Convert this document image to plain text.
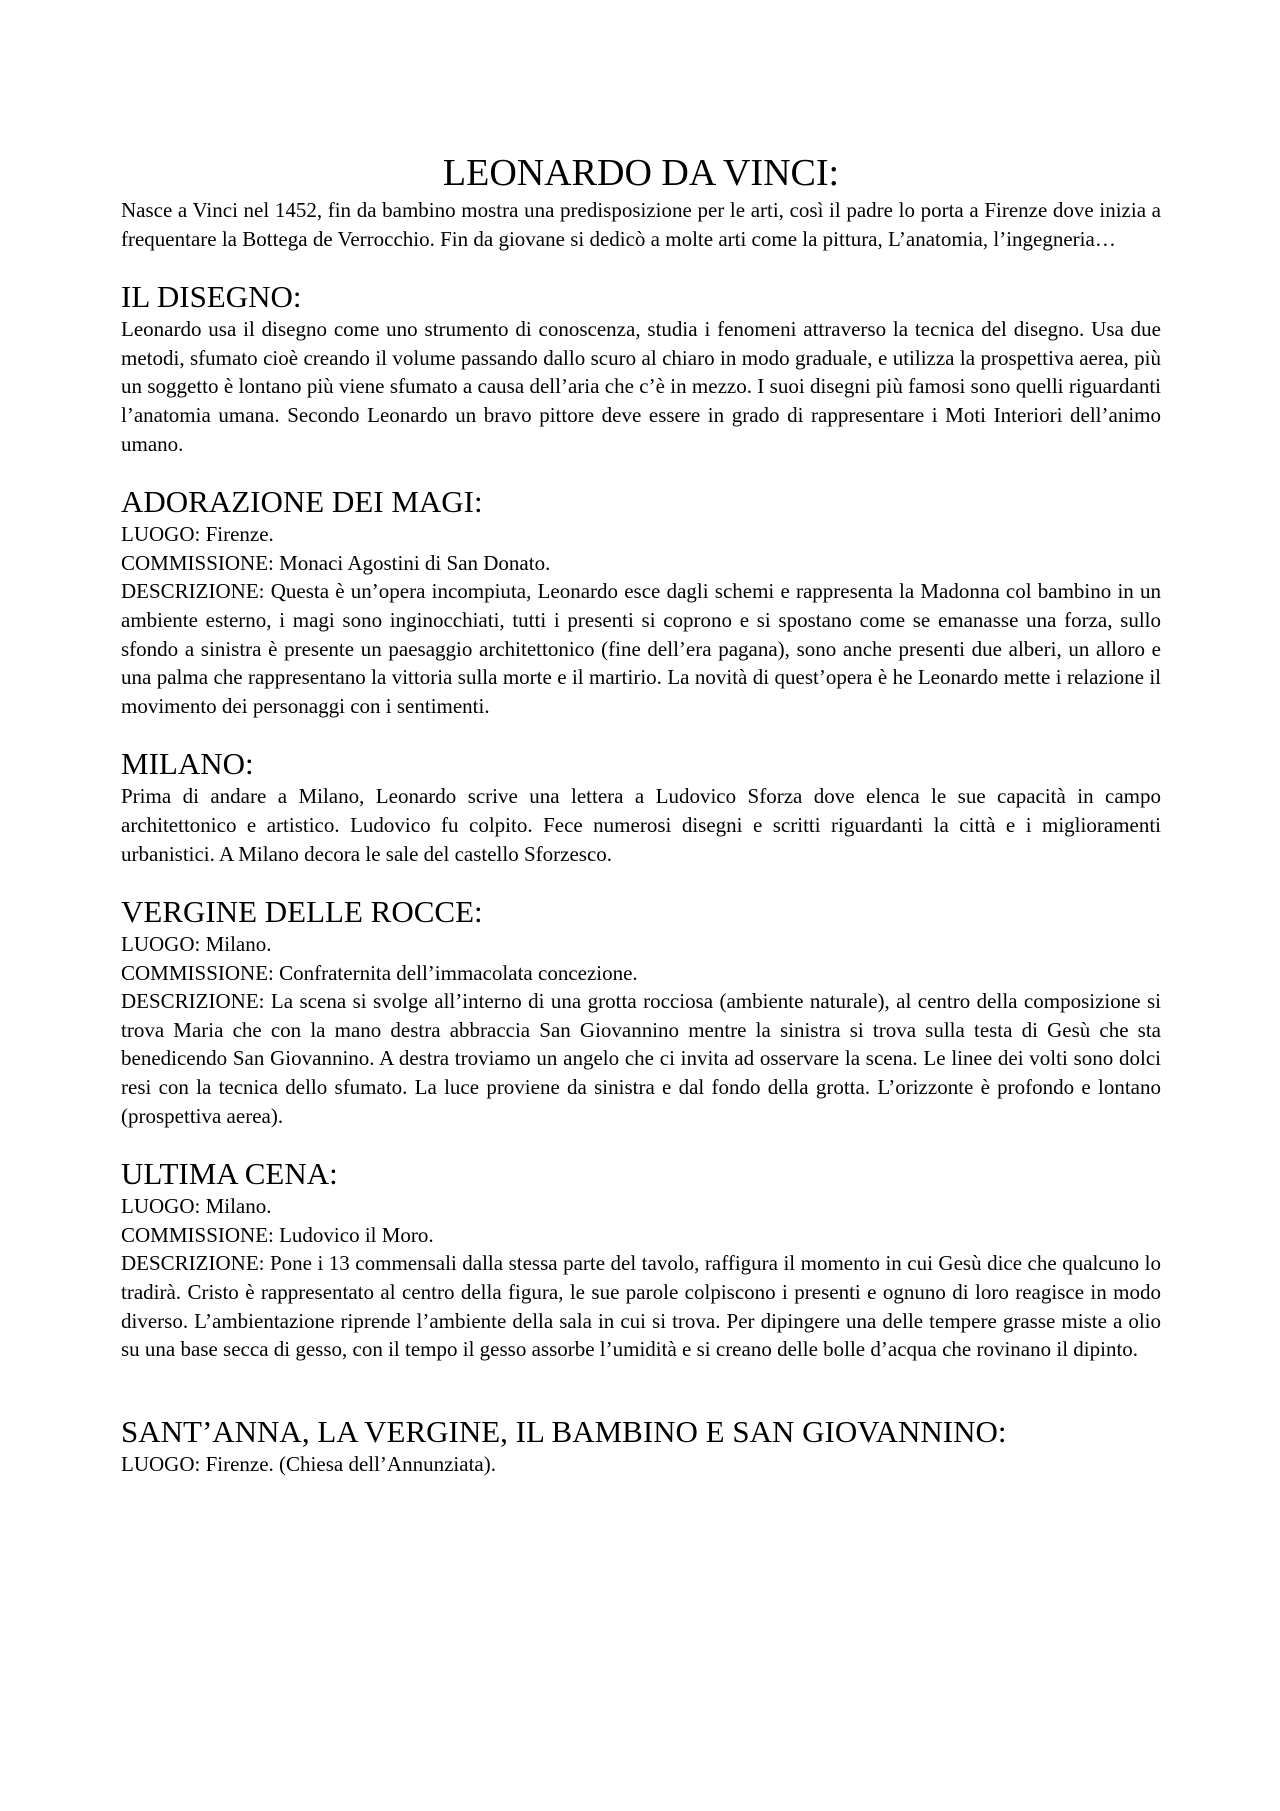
LEONARDO DA VINCI:

Nasce a Vinci nel 1452, fin da bambino mostra una predisposizione per le arti, così il padre lo porta a Firenze dove inizia a frequentare la Bottega de Verrocchio. Fin da giovane si dedicò a molte arti come la pittura, L’anatomia, l’ingegneria…

IL DISEGNO:

Leonardo usa il disegno come uno strumento di conoscenza, studia i fenomeni attraverso la tecnica del disegno. Usa due metodi, sfumato cioè creando il volume passando dallo scuro al chiaro in modo graduale, e utilizza la prospettiva aerea, più un soggetto è lontano più viene sfumato a causa dell’aria che c’è in mezzo. I suoi disegni più famosi sono quelli riguardanti l’anatomia umana. Secondo Leonardo un bravo pittore deve essere in grado di rappresentare i Moti Interiori dell’animo umano.

ADORAZIONE DEI MAGI:

LUOGO: Firenze.

COMMISSIONE: Monaci Agostini di San Donato.

DESCRIZIONE: Questa è un’opera incompiuta, Leonardo esce dagli schemi e rappresenta la Madonna col bambino in un ambiente esterno, i magi sono inginocchiati, tutti i presenti si coprono e si spostano come se emanasse una forza, sullo sfondo a sinistra è presente un paesaggio architettonico (fine dell’era pagana), sono anche presenti due alberi, un alloro e una palma che rappresentano la vittoria sulla morte e il martirio. La novità di quest’opera è he Leonardo mette i relazione il movimento dei personaggi con i sentimenti.

MILANO:

Prima di andare a Milano, Leonardo scrive una lettera a Ludovico Sforza dove elenca le sue capacità in campo architettonico e artistico. Ludovico fu colpito. Fece numerosi disegni e scritti riguardanti la città e i miglioramenti urbanistici. A Milano decora le sale del castello Sforzesco.

VERGINE DELLE ROCCE:

LUOGO: Milano.

COMMISSIONE: Confraternita dell’immacolata concezione.

DESCRIZIONE: La scena si svolge all’interno di una grotta rocciosa (ambiente naturale), al centro della composizione si trova Maria che con la mano destra abbraccia San Giovannino mentre la sinistra si trova sulla testa di Gesù che sta benedicendo San Giovannino. A destra troviamo un angelo che ci invita ad osservare la scena. Le linee dei volti sono dolci resi con la tecnica dello sfumato. La luce proviene da sinistra e dal fondo della grotta. L’orizzonte è profondo e lontano (prospettiva aerea).

ULTIMA CENA:

LUOGO: Milano.

COMMISSIONE: Ludovico il Moro.

DESCRIZIONE: Pone i 13 commensali dalla stessa parte del tavolo, raffigura il momento in cui Gesù dice che qualcuno lo tradirà. Cristo è rappresentato al centro della figura, le sue parole colpiscono i presenti e ognuno di loro reagisce in modo diverso. L’ambientazione riprende l’ambiente della sala in cui si trova. Per dipingere una delle tempere grasse miste a olio su una base secca di gesso, con il tempo il gesso assorbe l’umidità e si creano delle bolle d’acqua che rovinano il dipinto.

SANT’ANNA, LA VERGINE, IL BAMBINO E SAN GIOVANNINO:

LUOGO: Firenze. (Chiesa dell’Annunziata).
